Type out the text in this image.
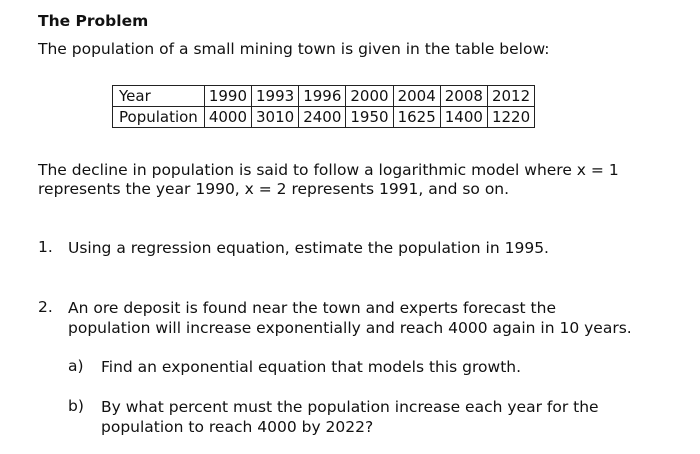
The Problem
The population of a small mining town is given in the table below:
Year	1990	1993	1996	2000	2004	2008	2012
Population	4000	3010	2400	1950	1625	1400	1220

The decline in population is said to follow a logarithmic model where x = 1

represents the year 1990, x = 2 represents 1991, and so on.

1. Using a regression equation, estimate the population in 1995.
2. An ore deposit is found near the town and experts forecast the

population will increase exponentially and reach 4000 again in 10 years.

a) Find an exponential equation that models this growth.
b) By what percent must the population increase each year for the

population to reach 4000 by 2022?
